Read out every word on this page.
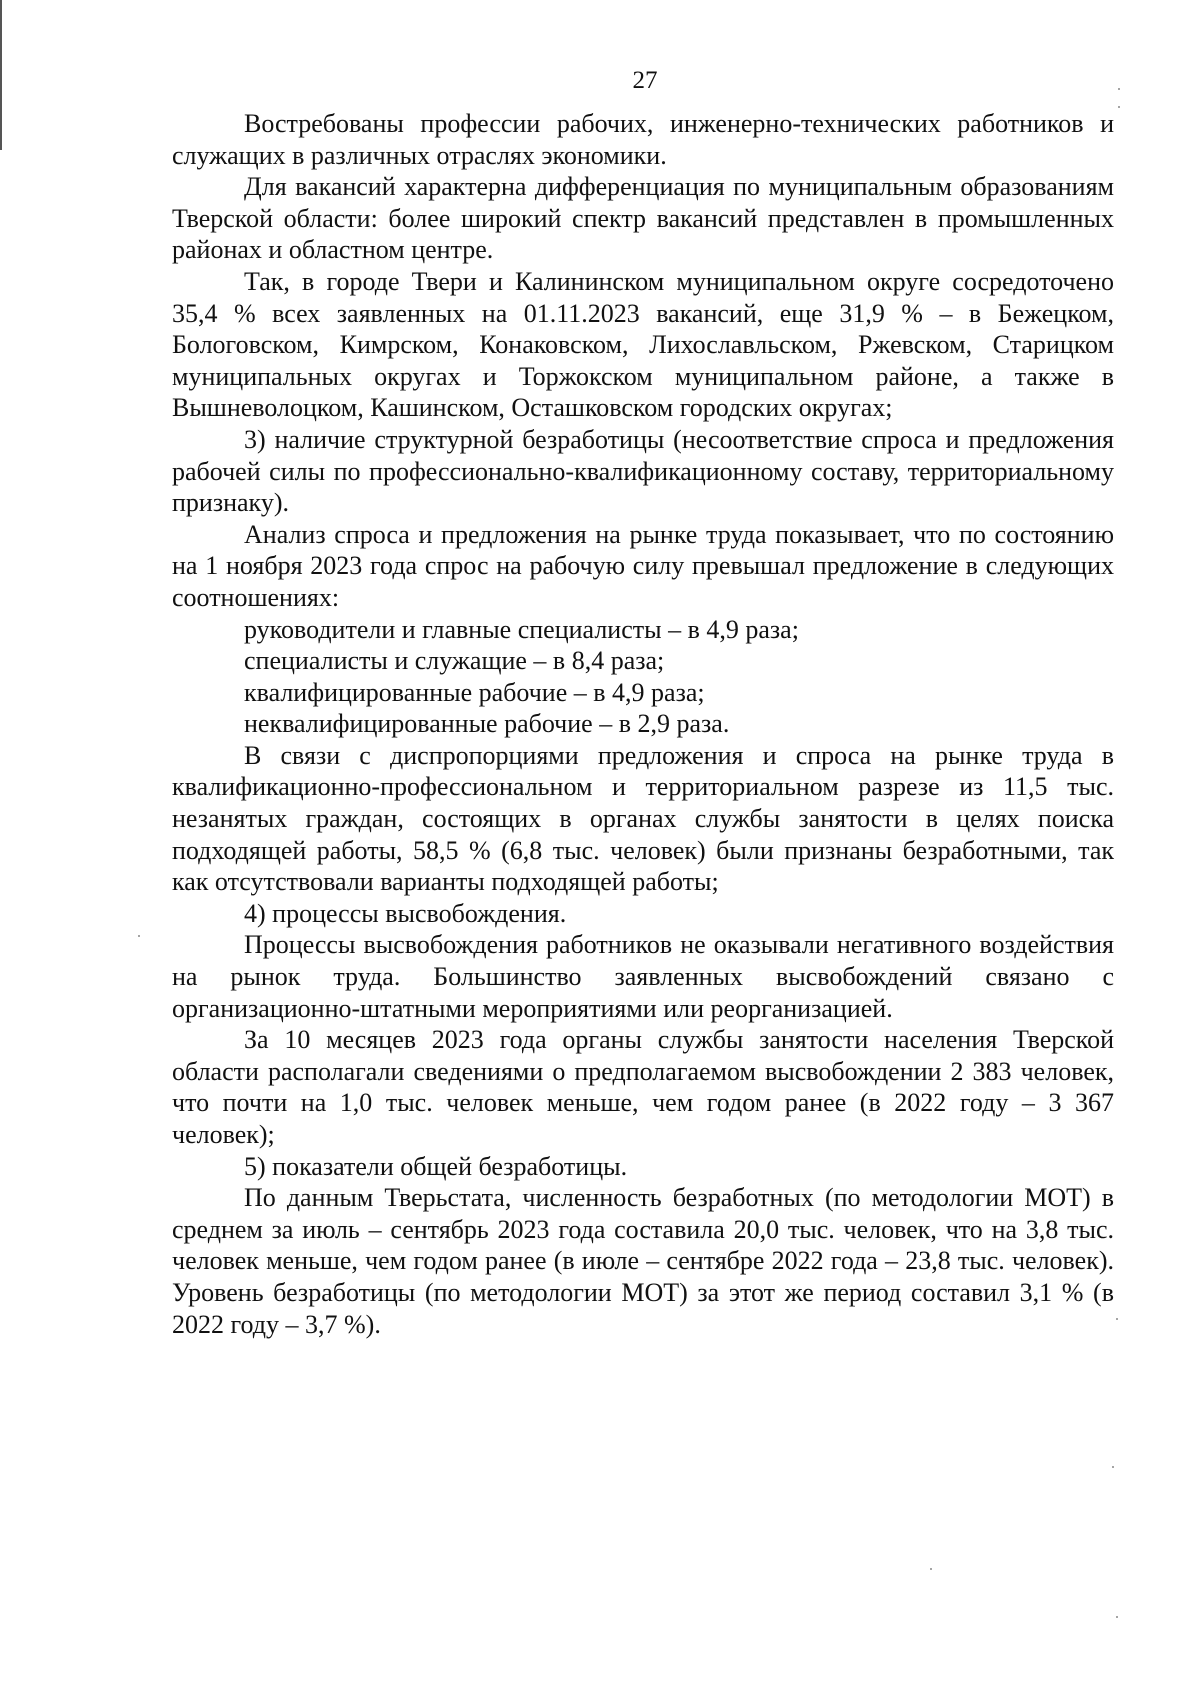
27

Востребованы профессии рабочих, инженерно-технических работников и служащих в различных отраслях экономики.

Для вакансий характерна дифференциация по муниципальным образованиям Тверской области: более широкий спектр вакансий представлен в промышленных районах и областном центре.

Так, в городе Твери и Калининском муниципальном округе сосредоточено 35,4 % всех заявленных на 01.11.2023 вакансий, еще 31,9 % – в Бежецком, Бологовском, Кимрском, Конаковском, Лихославльском, Ржевском, Старицком муниципальных округах и Торжокском муниципальном районе, а также в Вышневолоцком, Кашинском, Осташковском городских округах;

3) наличие структурной безработицы (несоответствие спроса и предложения рабочей силы по профессионально-квалификационному составу, территориальному признаку).

Анализ спроса и предложения на рынке труда показывает, что по состоянию на 1 ноября 2023 года спрос на рабочую силу превышал предложение в следующих соотношениях:

руководители и главные специалисты – в 4,9 раза;

специалисты и служащие – в 8,4 раза;

квалифицированные рабочие – в 4,9 раза;

неквалифицированные рабочие – в 2,9 раза.

В связи с диспропорциями предложения и спроса на рынке труда в квалификационно-профессиональном и территориальном разрезе из 11,5 тыс. незанятых граждан, состоящих в органах службы занятости в целях поиска подходящей работы, 58,5 % (6,8 тыс. человек) были признаны безработными, так как отсутствовали варианты подходящей работы;

4) процессы высвобождения.

Процессы высвобождения работников не оказывали негативного воздействия на рынок труда. Большинство заявленных высвобождений связано с организационно-штатными мероприятиями или реорганизацией.

За 10 месяцев 2023 года органы службы занятости населения Тверской области располагали сведениями о предполагаемом высвобождении 2 383 человек, что почти на 1,0 тыс. человек меньше, чем годом ранее (в 2022 году – 3 367 человек);

5) показатели общей безработицы.

По данным Тверьстата, численность безработных (по методологии МОТ) в среднем за июль – сентябрь 2023 года составила 20,0 тыс. человек, что на 3,8 тыс. человек меньше, чем годом ранее (в июле – сентябре 2022 года – 23,8 тыс. человек). Уровень безработицы (по методологии МОТ) за этот же период составил 3,1 % (в 2022 году – 3,7 %).
